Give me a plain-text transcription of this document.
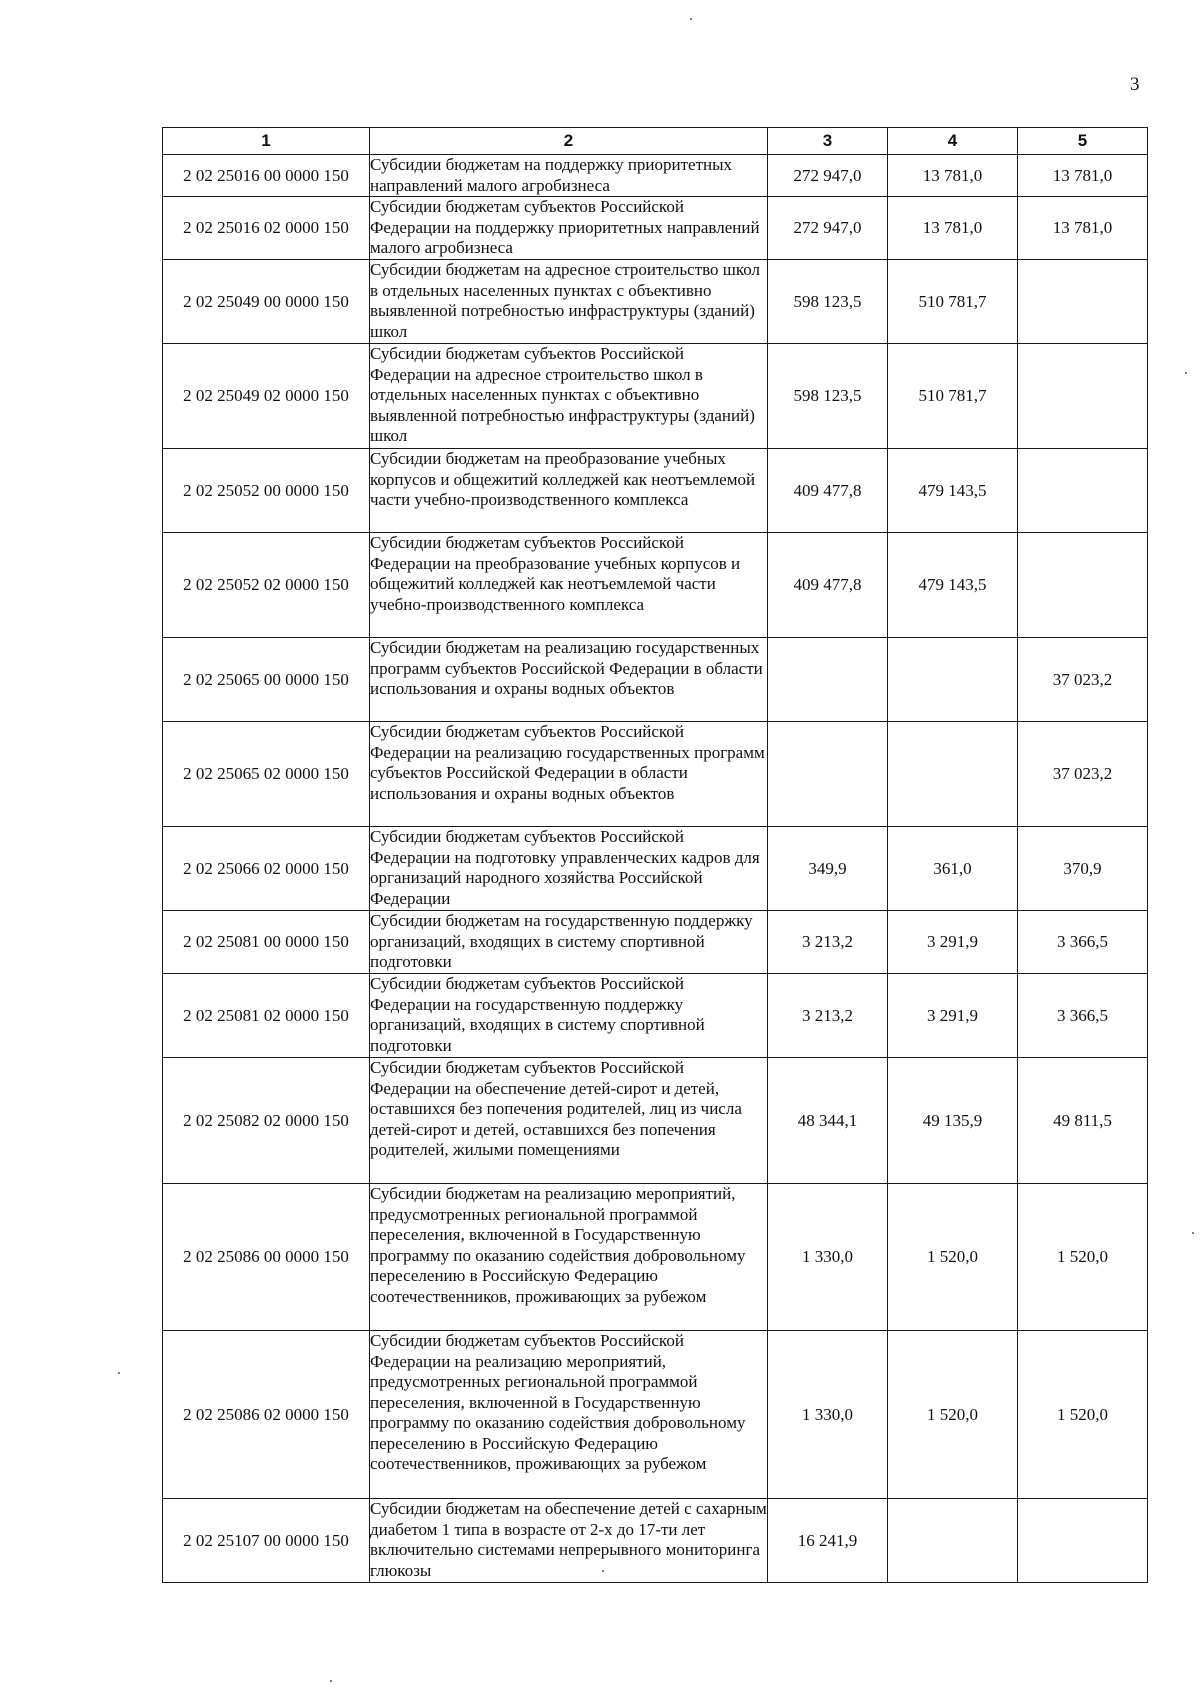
3
1	2	3	4	5
2 02 25016 00 0000 150	Субсидии бюджетам на поддержку приоритетных направлений малого агробизнеса	272 947,0	13 781,0	13 781,0
2 02 25016 02 0000 150	Субсидии бюджетам субъектов Российской Федерации на поддержку приоритетных направлений малого агробизнеса	272 947,0	13 781,0	13 781,0
2 02 25049 00 0000 150	Субсидии бюджетам на адресное строительство школ в отдельных населенных пунктах с объективно выявленной потребностью инфраструктуры (зданий) школ	598 123,5	510 781,7	
2 02 25049 02 0000 150	Субсидии бюджетам субъектов Российской Федерации на адресное строительство школ в отдельных населенных пунктах с объективно выявленной потребностью инфраструктуры (зданий) школ	598 123,5	510 781,7	
2 02 25052 00 0000 150	Субсидии бюджетам на преобразование учебных корпусов и общежитий колледжей как неотъемлемой части учебно-производственного комплекса	409 477,8	479 143,5	
2 02 25052 02 0000 150	Субсидии бюджетам субъектов Российской Федерации на преобразование учебных корпусов и общежитий колледжей как неотъемлемой части учебно-производственного комплекса	409 477,8	479 143,5	
2 02 25065 00 0000 150	Субсидии бюджетам на реализацию государственных программ субъектов Российской Федерации в области использования и охраны водных объектов			37 023,2
2 02 25065 02 0000 150	Субсидии бюджетам субъектов Российской Федерации на реализацию государственных программ субъектов Российской Федерации в области использования и охраны водных объектов			37 023,2
2 02 25066 02 0000 150	Субсидии бюджетам субъектов Российской Федерации на подготовку управленческих кадров для организаций народного хозяйства Российской Федерации	349,9	361,0	370,9
2 02 25081 00 0000 150	Субсидии бюджетам на государственную поддержку организаций, входящих в систему спортивной подготовки	3 213,2	3 291,9	3 366,5
2 02 25081 02 0000 150	Субсидии бюджетам субъектов Российской Федерации на государственную поддержку организаций, входящих в систему спортивной подготовки	3 213,2	3 291,9	3 366,5
2 02 25082 02 0000 150	Субсидии бюджетам субъектов Российской Федерации на обеспечение детей-сирот и детей, оставшихся без попечения родителей, лиц из числа детей-сирот и детей, оставшихся без попечения родителей, жилыми помещениями	48 344,1	49 135,9	49 811,5
2 02 25086 00 0000 150	Субсидии бюджетам на реализацию мероприятий, предусмотренных региональной программой переселения, включенной в Государственную программу по оказанию содействия добровольному переселению в Российскую Федерацию соотечественников, проживающих за рубежом	1 330,0	1 520,0	1 520,0
2 02 25086 02 0000 150	Субсидии бюджетам субъектов Российской Федерации на реализацию мероприятий, предусмотренных региональной программой переселения, включенной в Государственную программу по оказанию содействия добровольному переселению в Российскую Федерацию соотечественников, проживающих за рубежом	1 330,0	1 520,0	1 520,0
2 02 25107 00 0000 150	Субсидии бюджетам на обеспечение детей с сахарным диабетом 1 типа в возрасте от 2-х до 17-ти лет включительно системами непрерывного мониторинга глюкозы	16 241,9		
